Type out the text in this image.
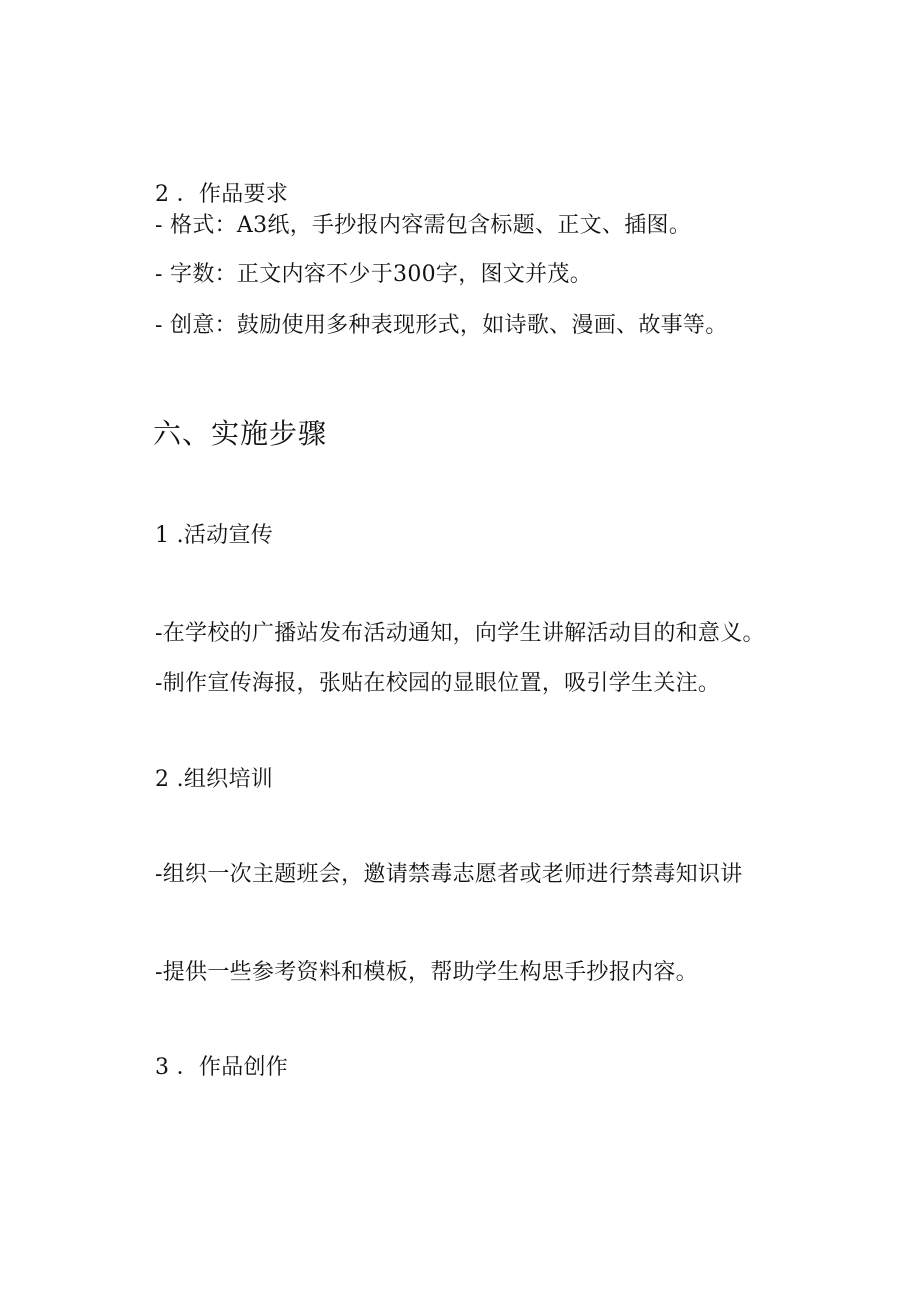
2 ．作品要求
- 格式：A3纸，手抄报内容需包含标题、正文、插图。
- 字数：正文内容不少于300字，图文并茂。
- 创意：鼓励使用多种表现形式，如诗歌、漫画、故事等。
六、实施步骤
1 .活动宣传
-在学校的广播站发布活动通知，向学生讲解活动目的和意义。
-制作宣传海报，张贴在校园的显眼位置，吸引学生关注。
2 .组织培训
-组织一次主题班会，邀请禁毒志愿者或老师进行禁毒知识讲
-提供一些参考资料和模板，帮助学生构思手抄报内容。
3 ．作品创作
